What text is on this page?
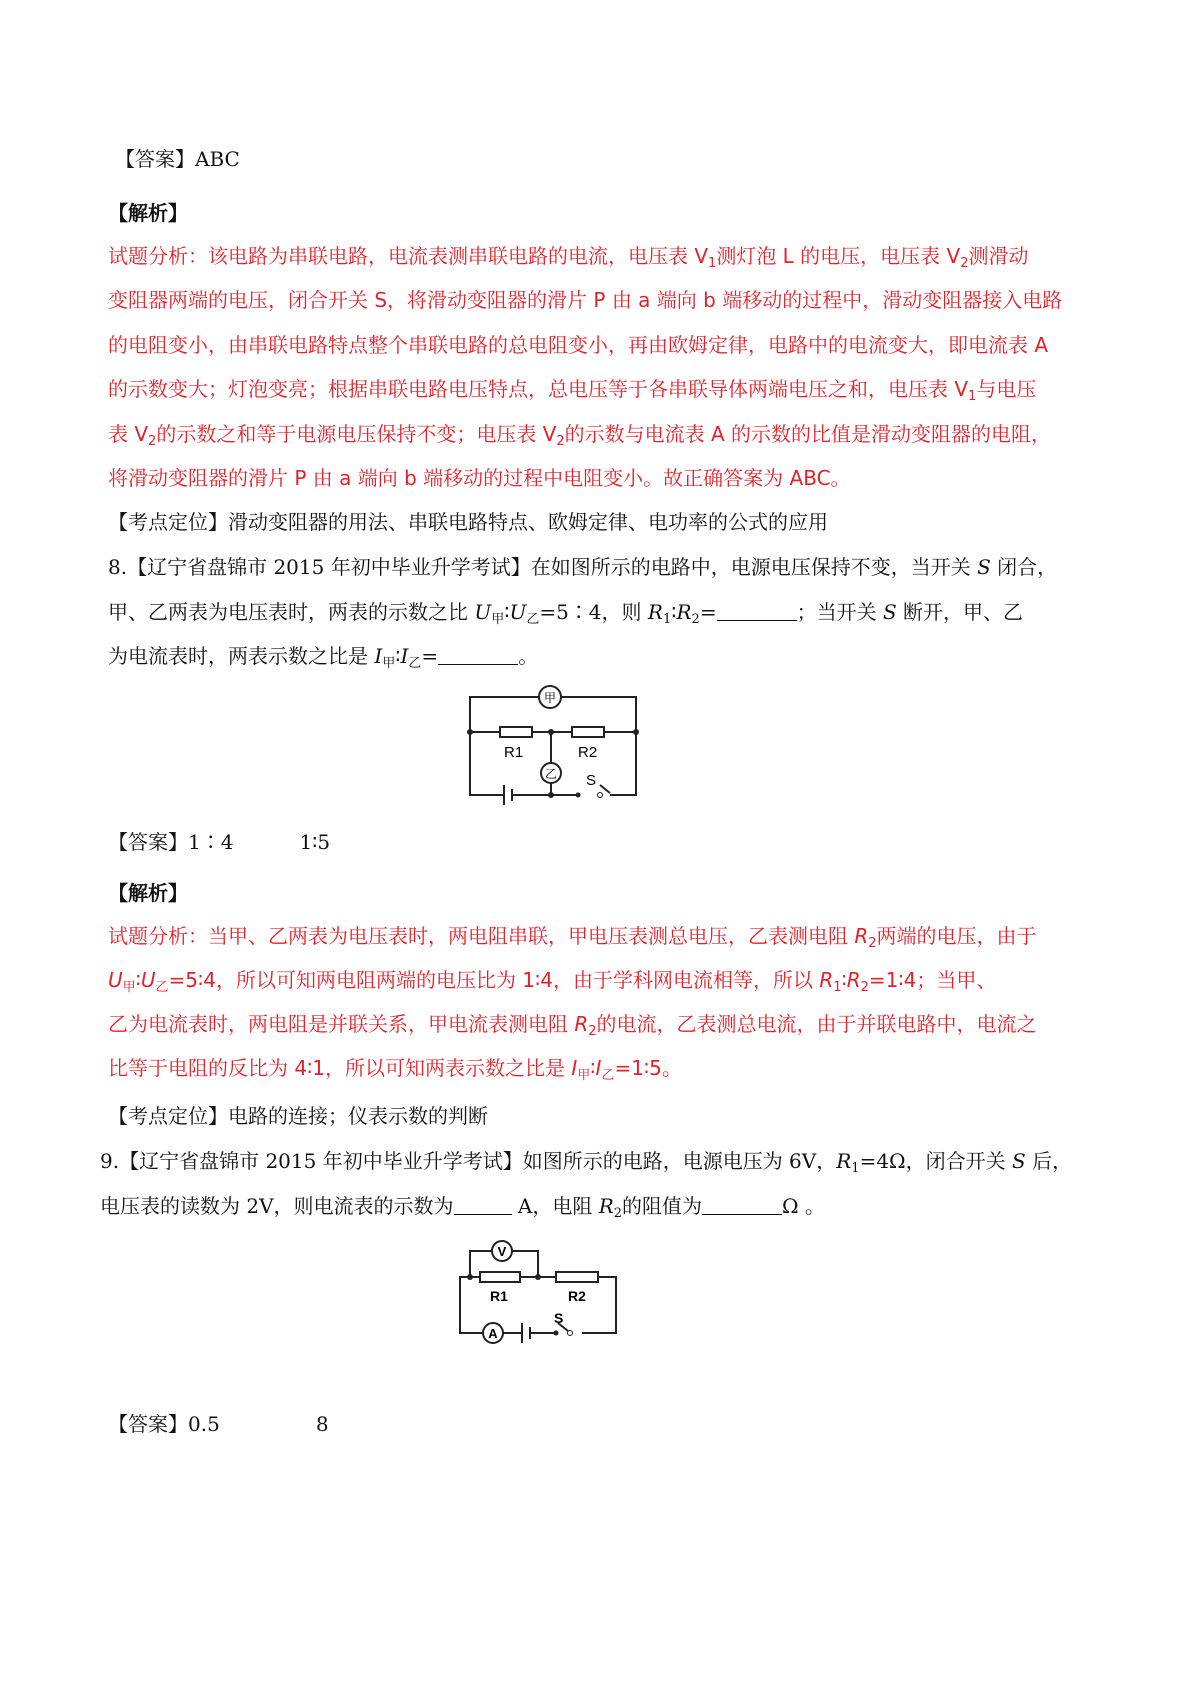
【答案】ABC
【解析】
试题分析：该电路为串联电路，电流表测串联电路的电流，电压表 $V_1$测灯泡 L 的电压，电压表 $V_2$测滑动
变阻器两端的电压，闭合开关 S，将滑动变阻器的滑片 P 由 a 端向 b 端移动的过程中，滑动变阻器接入电路
的电阻变小，由串联电路特点整个串联电路的总电阻变小，再由欧姆定律，电路中的电流变大，即电流表 A
的示数变大；灯泡变亮；根据串联电路电压特点，总电压等于各串联导体两端电压之和，电压表 $V_1$与电压
表 $V_2$的示数之和等于电源电压保持不变；电压表 $V_2$的示数与电流表 A 的示数的比值是滑动变阻器的电阻，
将滑动变阻器的滑片 P 由 a 端向 b 端移动的过程中电阻变小。故正确答案为 ABC。
【考点定位】滑动变阻器的用法、串联电路特点、欧姆定律、电功率的公式的应用
8.【辽宁省盘锦市 2015 年初中毕业升学考试】在如图所示的电路中，电源电压保持不变，当开关 S 闭合，
甲、乙两表为电压表时，两表的示数之比 $U_甲∶U_乙=5∶4$，则 $R_1∶R_2=$	；当开关 S 断开，甲、乙
为电流表时，两表示数之比是 $I_甲∶I_乙=$	。
甲
乙
R1	R2
S
【答案】1∶4	1∶5
【解析】
试题分析：当甲、乙两表为电压表时，两电阻串联，甲电压表测总电压，乙表测电阻 $R_2$两端的电压，由于
$U_甲∶U_乙=5∶4$，所以可知两电阻两端的电压比为 1∶4，由于学科网电流相等，所以 $R_1∶R_2=1∶4$；当甲、
乙为电流表时，两电阻是并联关系，甲电流表测电阻 $R_2$的电流，乙表测总电流，由于并联电路中，电流之
比等于电阻的反比为 4∶1，所以可知两表示数之比是 $I_甲∶I_乙=1∶5$。
【考点定位】电路的连接；仪表示数的判断
9.【辽宁省盘锦市 2015 年初中毕业升学考试】如图所示的电路，电源电压为 6V，$R_1=4\Omega$，闭合开关 S 后，
电压表的读数为 2V，则电流表的示数为	A，电阻 $R_2$的阻值为	Ω 。
V
A
R1	R2
S
【答案】0.5	8
